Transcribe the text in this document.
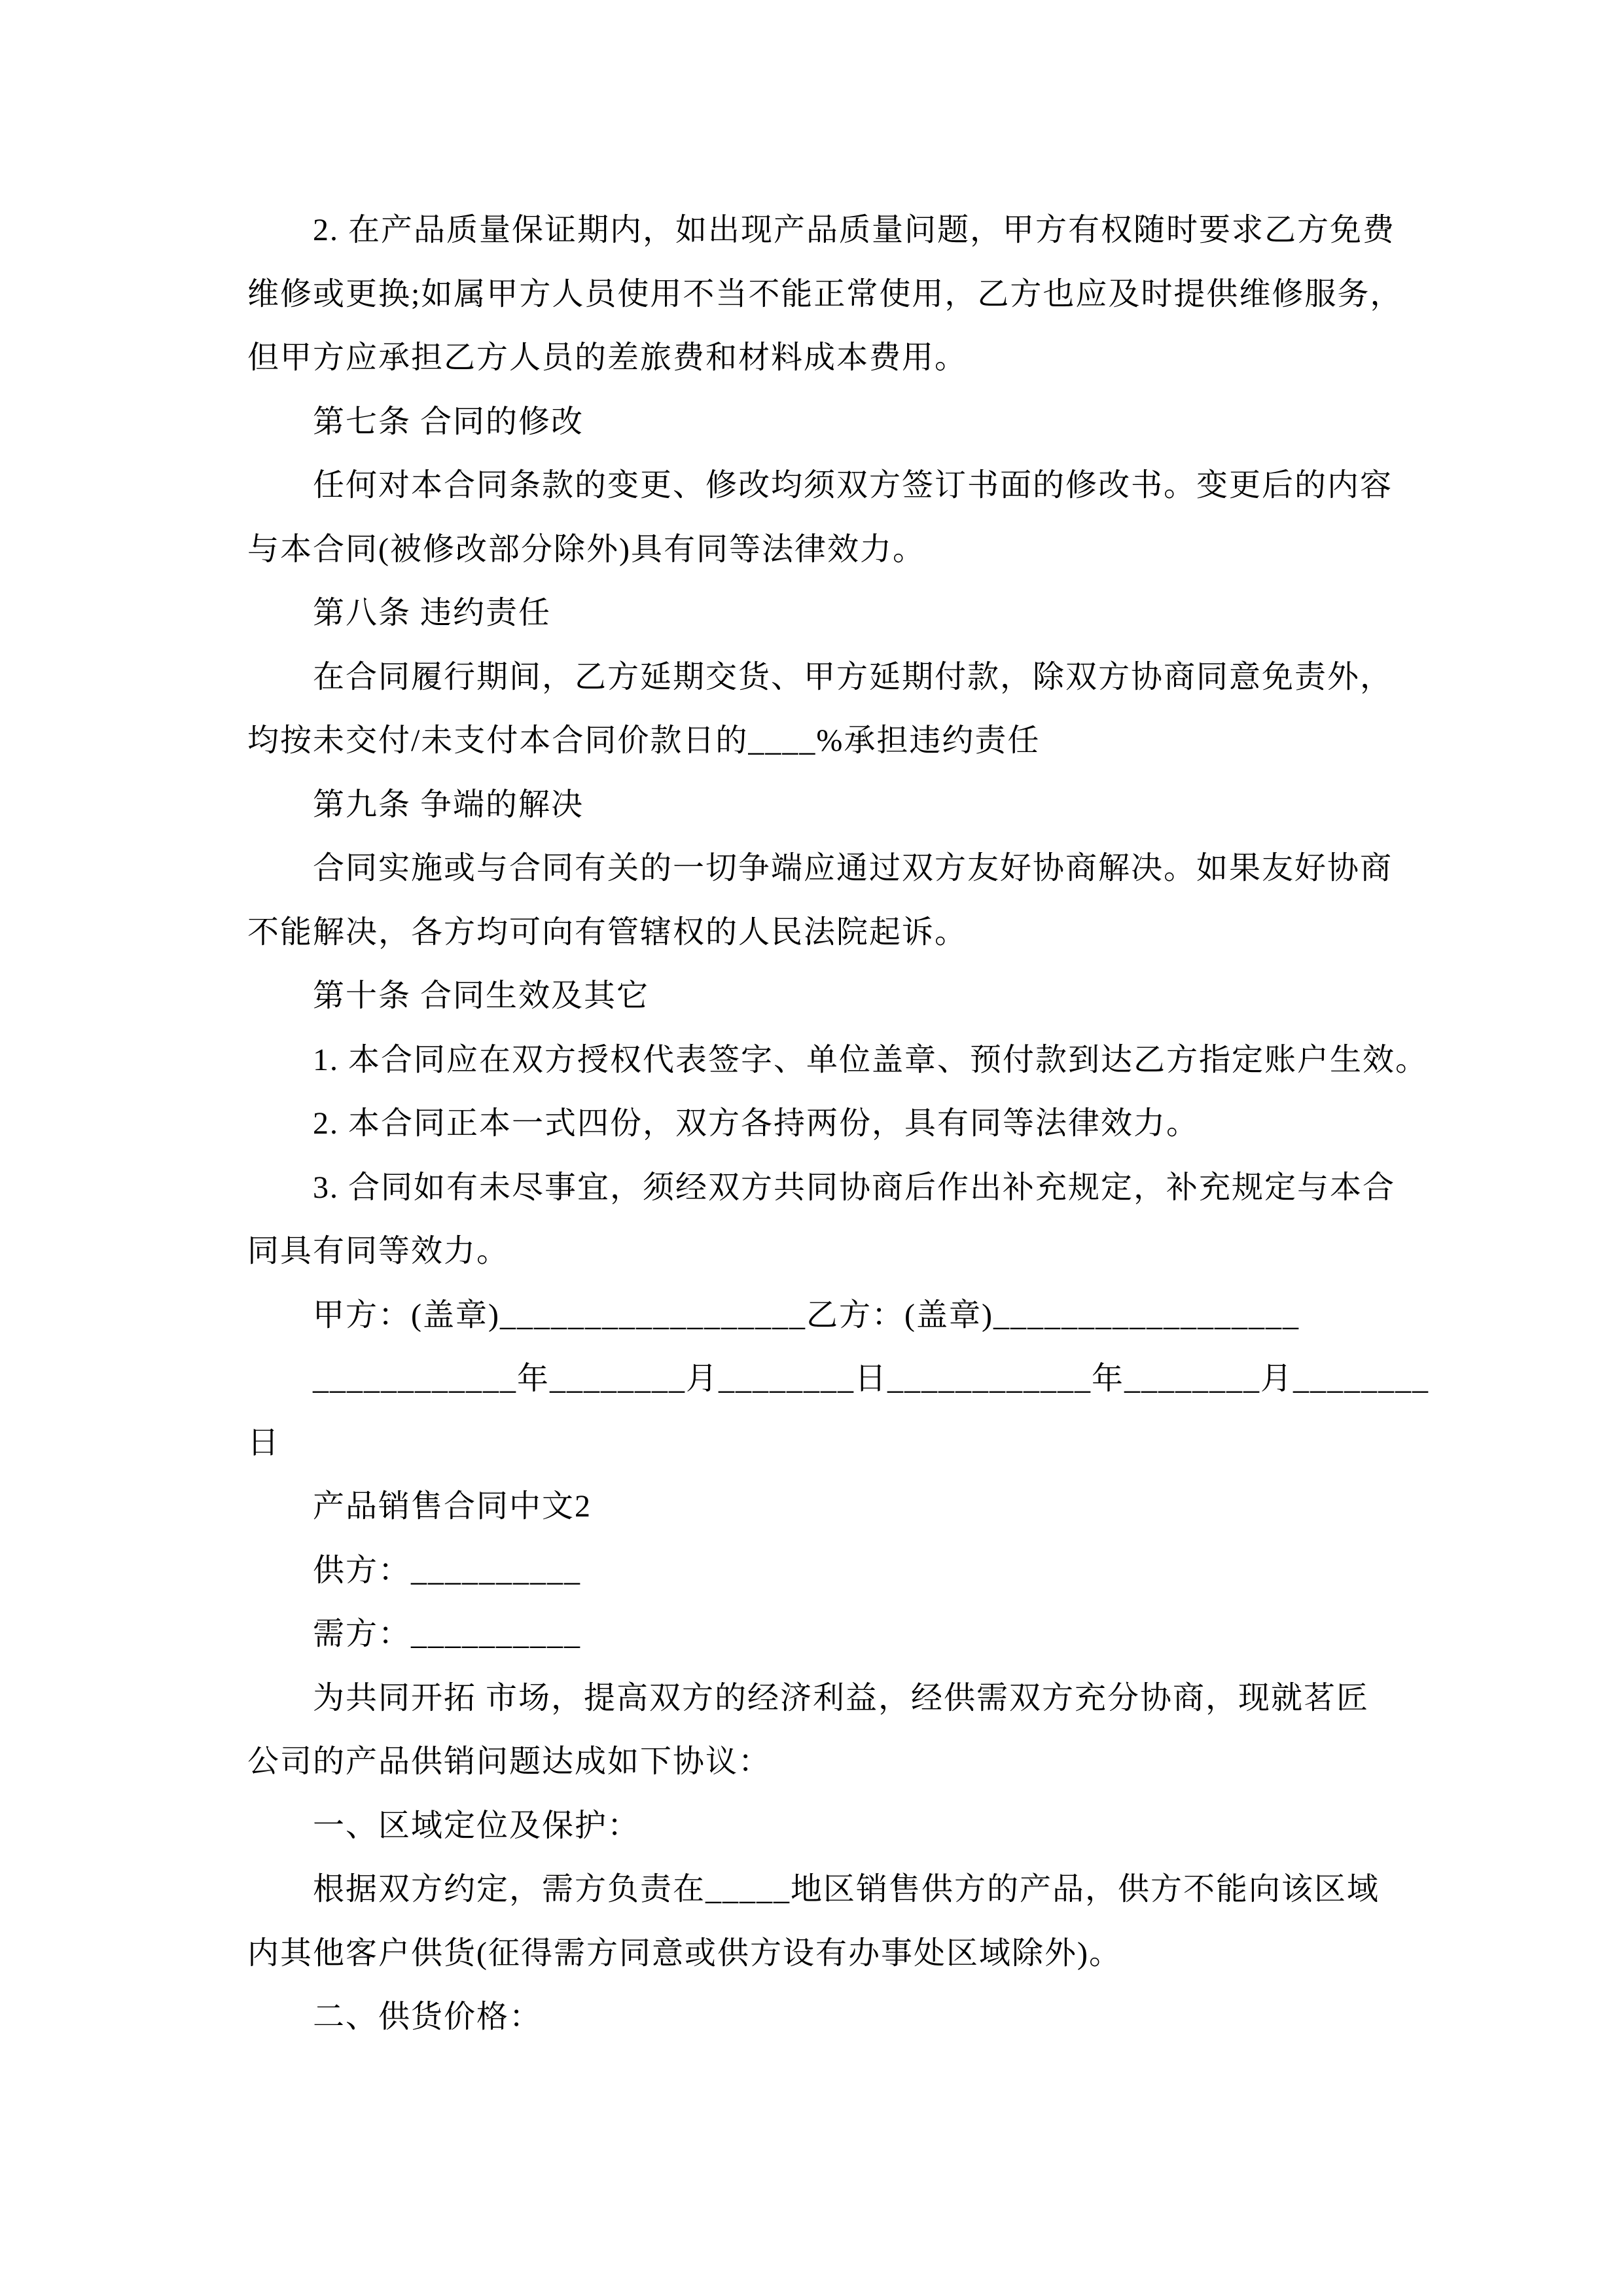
2. 在产品质量保证期内，如出现产品质量问题，甲方有权随时要求乙方免费
维修或更换;如属甲方人员使用不当不能正常使用，乙方也应及时提供维修服务，
但甲方应承担乙方人员的差旅费和材料成本费用。
第七条 合同的修改
任何对本合同条款的变更、修改均须双方签订书面的修改书。变更后的内容
与本合同(被修改部分除外)具有同等法律效力。
第八条 违约责任
在合同履行期间，乙方延期交货、甲方延期付款，除双方协商同意免责外，
均按未交付/未支付本合同价款日的____%承担违约责任
第九条 争端的解决
合同实施或与合同有关的一切争端应通过双方友好协商解决。如果友好协商
不能解决，各方均可向有管辖权的人民法院起诉。
第十条 合同生效及其它
1. 本合同应在双方授权代表签字、单位盖章、预付款到达乙方指定账户生效。
2. 本合同正本一式四份，双方各持两份，具有同等法律效力。
3. 合同如有未尽事宜，须经双方共同协商后作出补充规定，补充规定与本合
同具有同等效力。
甲方：(盖章)__________________乙方：(盖章)__________________
____________年________月________日____________年________月________
日
产品销售合同中文2
供方：__________
需方：__________
为共同开拓 市场，提高双方的经济利益，经供需双方充分协商，现就茗匠
公司的产品供销问题达成如下协议：
一、区域定位及保护：
根据双方约定，需方负责在_____地区销售供方的产品，供方不能向该区域
内其他客户供货(征得需方同意或供方设有办事处区域除外)。
二、供货价格：
